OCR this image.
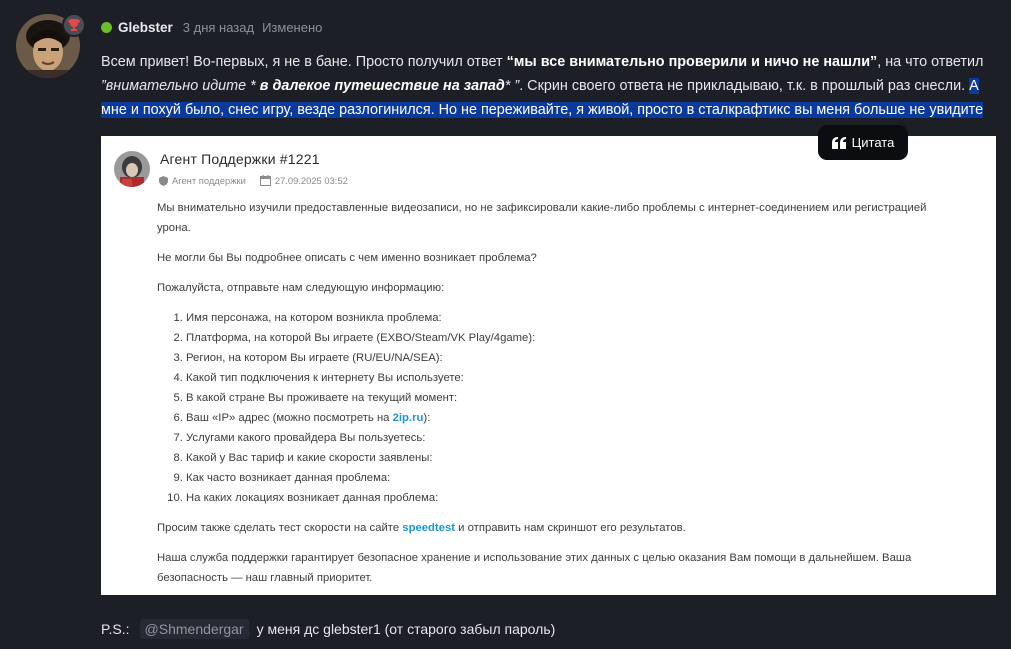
Glebster 3 дня назад Изменено
Всем привет! Во-первых, я не в бане. Просто получил ответ “мы все внимательно проверили и ничо не нашли”, на что ответил ”внимательно идите * в далекое путешествие на запад* ”. Скрин своего ответа не прикладываю, т.к. в прошлый раз снесли. А мне и похуй было, снес игру, везде разлогинился. Но не переживайте, я живой, просто в сталкрафтикс вы меня больше не увидите
Цитата
Агент Поддержки #1221
Агент поддержки	27.09.2025 03:52

Мы внимательно изучили предоставленные видеозаписи, но не зафиксировали какие-либо проблемы с интернет-соединением или регистрацией урона.

Не могли бы Вы подробнее описать с чем именно возникает проблема?

Пожалуйста, отправьте нам следующую информацию:

1. Имя персонажа, на котором возникла проблема:
2. Платформа, на которой Вы играете (EXBO/Steam/VK Play/4game):
3. Регион, на котором Вы играете (RU/EU/NA/SEA):
4. Какой тип подключения к интернету Вы используете:
5. В какой стране Вы проживаете на текущий момент:
6. Ваш «IP» адрес (можно посмотреть на 2ip.ru):
7. Услугами какого провайдера Вы пользуетесь:
8. Какой у Вас тариф и какие скорости заявлены:
9. Как часто возникает данная проблема:
10. На каких локациях возникает данная проблема:

Просим также сделать тест скорости на сайте speedtest и отправить нам скриншот его результатов.

Наша служба поддержки гарантирует безопасное хранение и использование этих данных с целью оказания Вам помощи в дальнейшем. Ваша безопасность — наш главный приоритет.

P.S.:	@Shmendergar у меня дс glebster1 (от старого забыл пароль)
